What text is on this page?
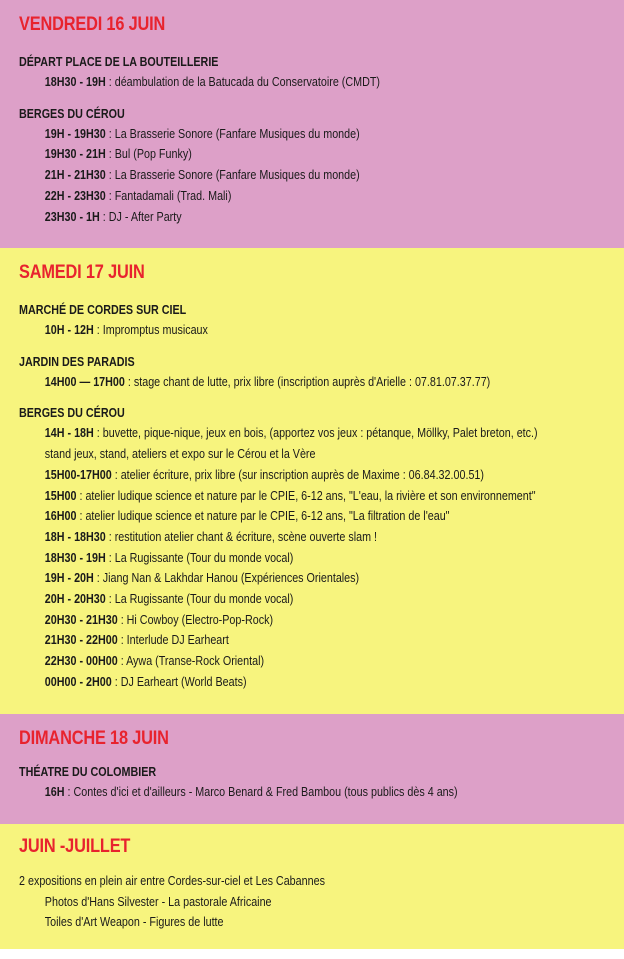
VENDREDI 16 JUIN
DÉPART PLACE DE LA BOUTEILLERIE
18H30 - 19H : déambulation de la Batucada du Conservatoire (CMDT)
BERGES DU CÉROU
19H - 19H30 : La Brasserie Sonore (Fanfare Musiques du monde)
19H30 - 21H : Bul (Pop Funky)
21H - 21H30 : La Brasserie Sonore (Fanfare Musiques du monde)
22H - 23H30 : Fantadamali (Trad. Mali)
23H30 - 1H : DJ - After Party
SAMEDI 17 JUIN
MARCHÉ DE CORDES SUR CIEL
10H - 12H : Impromptus musicaux
JARDIN DES PARADIS
14H00 — 17H00 : stage chant de lutte, prix libre (inscription auprès d'Arielle : 07.81.07.37.77)
BERGES DU CÉROU
14H - 18H : buvette, pique-nique, jeux en bois, (apportez vos jeux : pétanque, Möllky, Palet breton, etc.)
stand jeux, stand, ateliers et expo sur le Cérou et la Vère
15H00-17H00 : atelier écriture, prix libre (sur inscription auprès de Maxime : 06.84.32.00.51)
15H00 : atelier ludique science et nature par le CPIE, 6-12 ans, "L'eau, la rivière et son environnement"
16H00 : atelier ludique science et nature par le CPIE, 6-12 ans, "La filtration de l'eau"
18H - 18H30 : restitution atelier chant & écriture, scène ouverte slam !
18H30 - 19H : La Rugissante (Tour du monde vocal)
19H - 20H : Jiang Nan & Lakhdar Hanou (Expériences Orientales)
20H - 20H30 : La Rugissante (Tour du monde vocal)
20H30 - 21H30 : Hi Cowboy (Electro-Pop-Rock)
21H30 - 22H00 : Interlude DJ Earheart
22H30 - 00H00 : Aywa (Transe-Rock Oriental)
00H00 - 2H00 : DJ Earheart (World Beats)
DIMANCHE 18 JUIN
THÉATRE DU COLOMBIER
16H : Contes d'ici et d'ailleurs - Marco Benard & Fred Bambou (tous publics dès 4 ans)
JUIN -JUILLET
2 expositions en plein air entre Cordes-sur-ciel et Les Cabannes
Photos d'Hans Silvester - La pastorale Africaine
Toiles d'Art Weapon - Figures de lutte
